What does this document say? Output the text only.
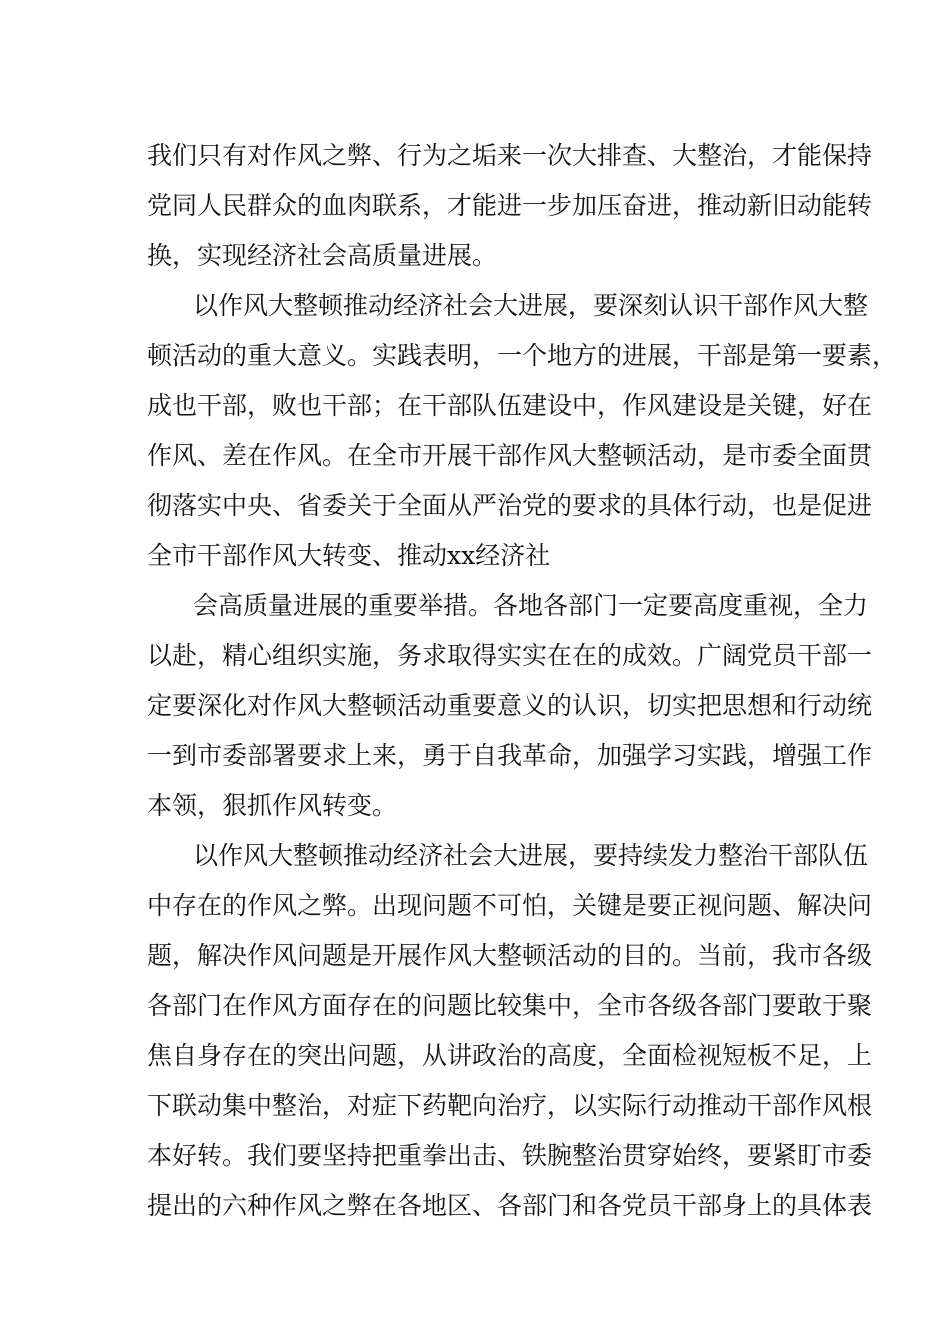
我们只有对作风之弊、行为之垢来一次大排查、大整治，才能保持
党同人民群众的血肉联系，才能进一步加压奋进，推动新旧动能转
换，实现经济社会高质量进展。
以作风大整顿推动经济社会大进展，要深刻认识干部作风大整
顿活动的重大意义。实践表明，一个地方的进展，干部是第一要素，
成也干部，败也干部；在干部队伍建设中，作风建设是关键，好在
作风、差在作风。在全市开展干部作风大整顿活动，是市委全面贯
彻落实中央、省委关于全面从严治党的要求的具体行动，也是促进
全市干部作风大转变、推动xx经济社
会高质量进展的重要举措。各地各部门一定要高度重视，全力
以赴，精心组织实施，务求取得实实在在的成效。广阔党员干部一
定要深化对作风大整顿活动重要意义的认识，切实把思想和行动统
一到市委部署要求上来，勇于自我革命，加强学习实践，增强工作
本领，狠抓作风转变。
以作风大整顿推动经济社会大进展，要持续发力整治干部队伍
中存在的作风之弊。出现问题不可怕，关键是要正视问题、解决问
题，解决作风问题是开展作风大整顿活动的目的。当前，我市各级
各部门在作风方面存在的问题比较集中，全市各级各部门要敢于聚
焦自身存在的突出问题，从讲政治的高度，全面检视短板不足，上
下联动集中整治，对症下药靶向治疗，以实际行动推动干部作风根
本好转。我们要坚持把重拳出击、铁腕整治贯穿始终，要紧盯市委
提出的六种作风之弊在各地区、各部门和各党员干部身上的具体表
